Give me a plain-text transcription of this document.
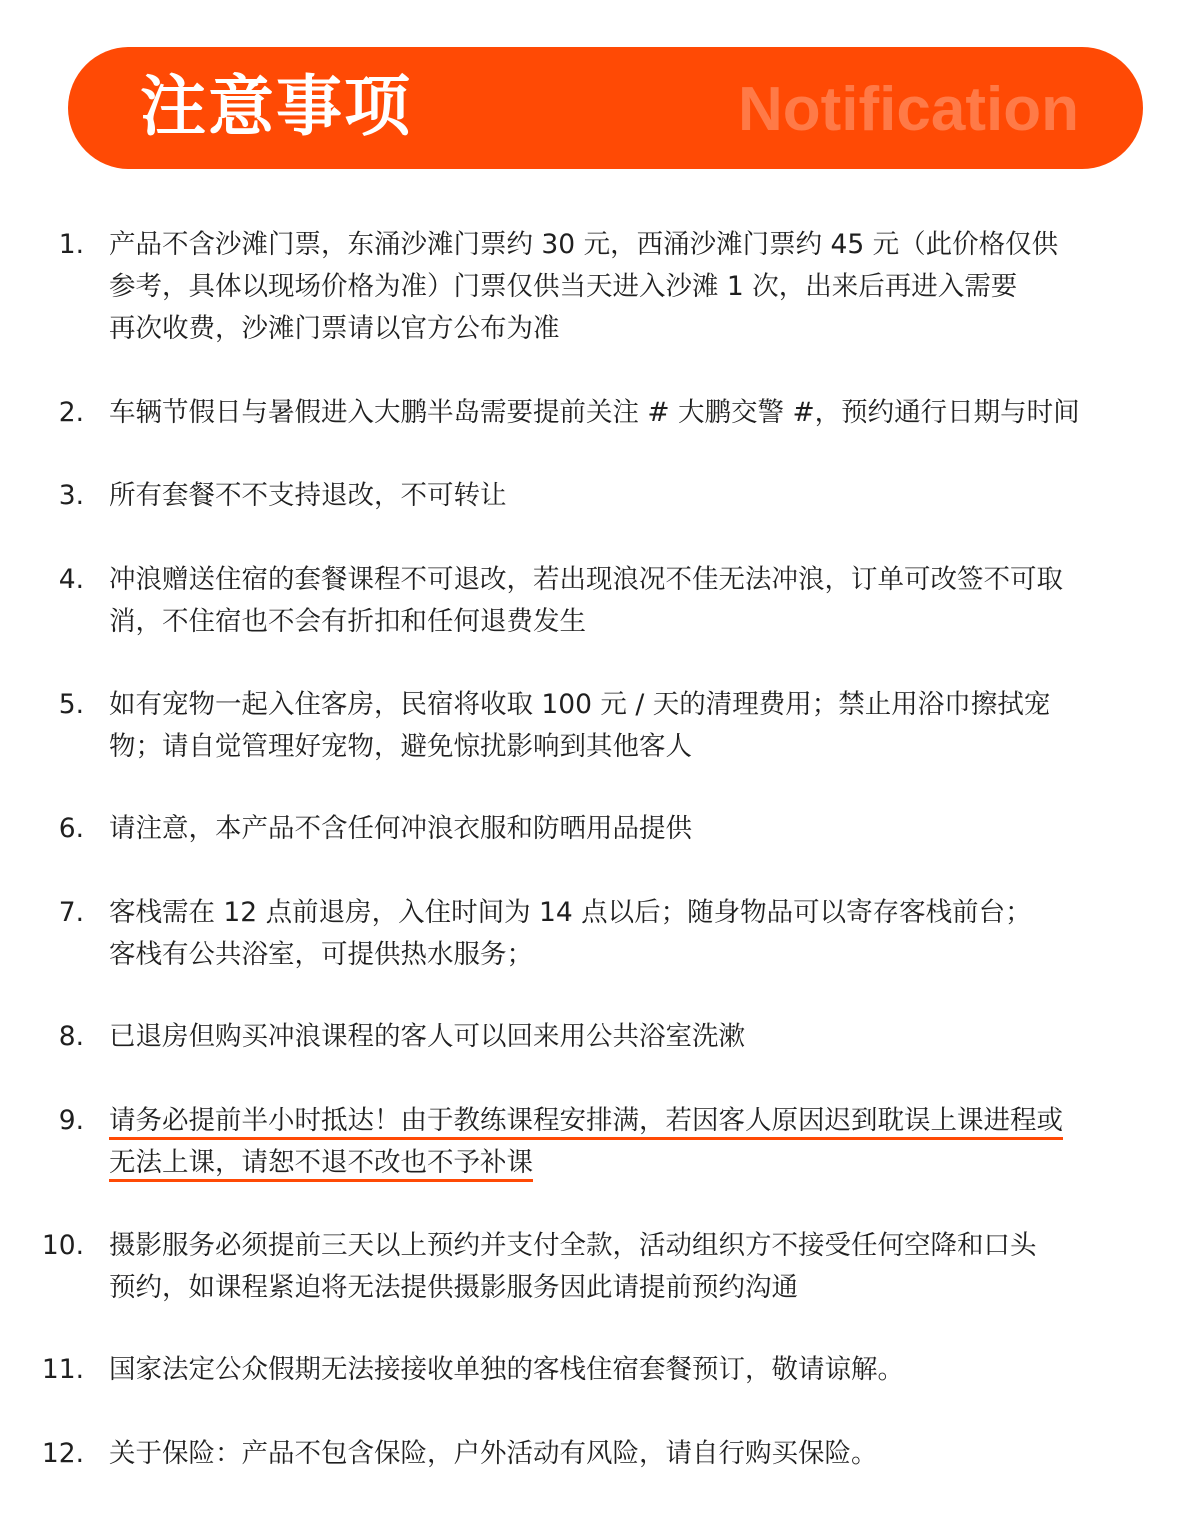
注意事项	Notification
1. 产品不含沙滩门票，东涌沙滩门票约 30 元，西涌沙滩门票约 45 元（此价格仅供
参考，具体以现场价格为准）门票仅供当天进入沙滩 1 次，出来后再进入需要
再次收费，沙滩门票请以官方公布为准
2. 车辆节假日与暑假进入大鹏半岛需要提前关注 # 大鹏交警 #，预约通行日期与时间
3. 所有套餐不不支持退改，不可转让
4. 冲浪赠送住宿的套餐课程不可退改，若出现浪况不佳无法冲浪，订单可改签不可取
消，不住宿也不会有折扣和任何退费发生
5. 如有宠物一起入住客房，民宿将收取 100 元 / 天的清理费用；禁止用浴巾擦拭宠
物；请自觉管理好宠物，避免惊扰影响到其他客人
6. 请注意，本产品不含任何冲浪衣服和防晒用品提供
7. 客栈需在 12 点前退房，入住时间为 14 点以后；随身物品可以寄存客栈前台；
客栈有公共浴室，可提供热水服务；
8. 已退房但购买冲浪课程的客人可以回来用公共浴室洗漱
9. 请务必提前半小时抵达！由于教练课程安排满，若因客人原因迟到耽误上课进程或
无法上课，请恕不退不改也不予补课
10. 摄影服务必须提前三天以上预约并支付全款，活动组织方不接受任何空降和口头
预约，如课程紧迫将无法提供摄影服务因此请提前预约沟通
11. 国家法定公众假期无法接接收单独的客栈住宿套餐预订，敬请谅解。
12. 关于保险：产品不包含保险，户外活动有风险，请自行购买保险。
